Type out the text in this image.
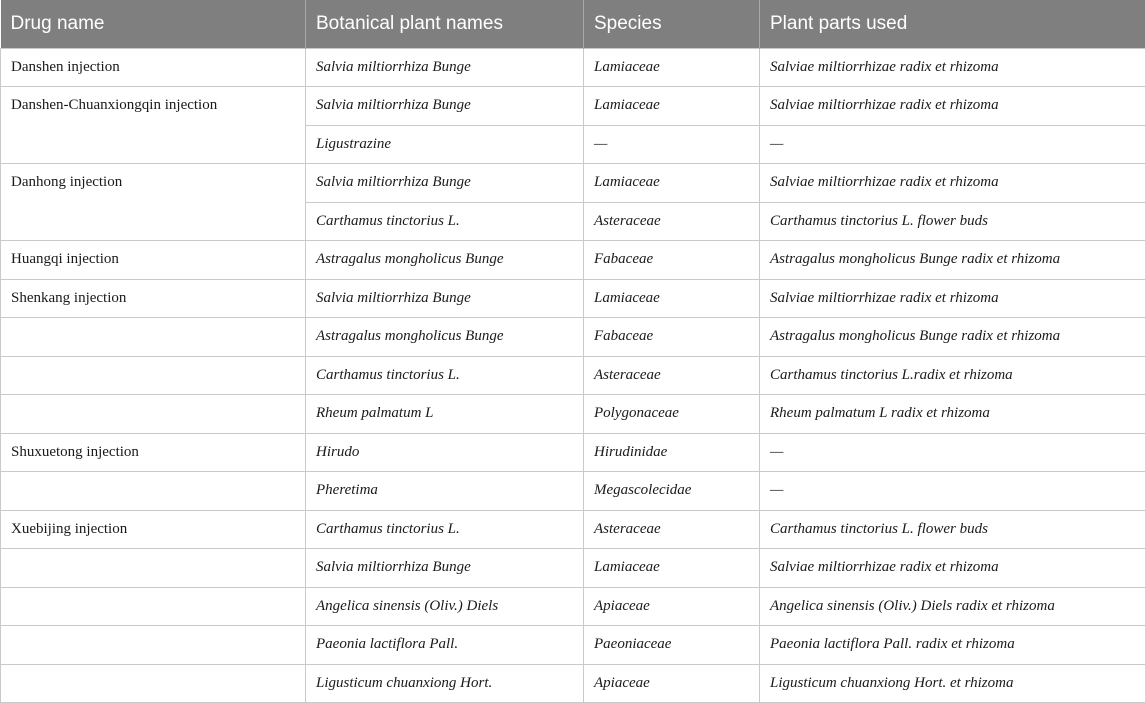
Drug name	Botanical plant names	Species	Plant parts used
Danshen injection	Salvia miltiorrhiza Bunge	Lamiaceae	Salviae miltiorrhizae radix et rhizoma
Danshen-Chuanxiongqin injection	Salvia miltiorrhiza Bunge	Lamiaceae	Salviae miltiorrhizae radix et rhizoma
	Ligustrazine	—	—
Danhong injection	Salvia miltiorrhiza Bunge	Lamiaceae	Salviae miltiorrhizae radix et rhizoma
	Carthamus tinctorius L.	Asteraceae	Carthamus tinctorius L. flower buds
Huangqi injection	Astragalus mongholicus Bunge	Fabaceae	Astragalus mongholicus Bunge radix et rhizoma
Shenkang injection	Salvia miltiorrhiza Bunge	Lamiaceae	Salviae miltiorrhizae radix et rhizoma
	Astragalus mongholicus Bunge	Fabaceae	Astragalus mongholicus Bunge radix et rhizoma
	Carthamus tinctorius L.	Asteraceae	Carthamus tinctorius L.radix et rhizoma
	Rheum palmatum L	Polygonaceae	Rheum palmatum L radix et rhizoma
Shuxuetong injection	Hirudo	Hirudinidae	—
	Pheretima	Megascolecidae	—
Xuebijing injection	Carthamus tinctorius L.	Asteraceae	Carthamus tinctorius L. flower buds
	Salvia miltiorrhiza Bunge	Lamiaceae	Salviae miltiorrhizae radix et rhizoma
	Angelica sinensis (Oliv.) Diels	Apiaceae	Angelica sinensis (Oliv.) Diels radix et rhizoma
	Paeonia lactiflora Pall.	Paeoniaceae	Paeonia lactiflora Pall. radix et rhizoma
	Ligusticum chuanxiong Hort.	Apiaceae	Ligusticum chuanxiong Hort. et rhizoma
